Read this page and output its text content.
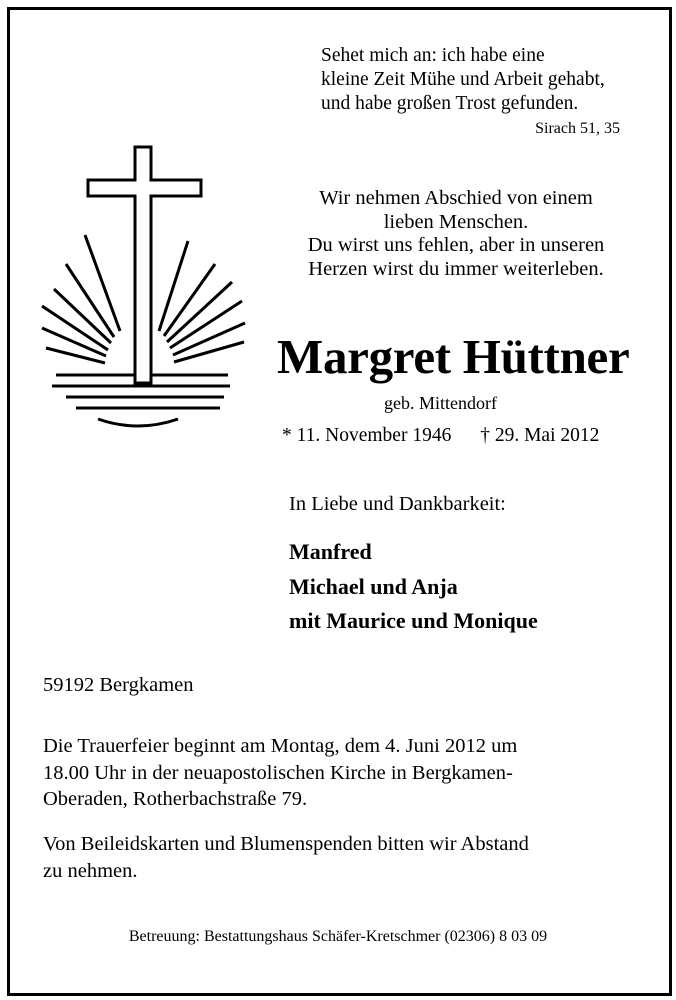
Sehet mich an: ich habe eine
kleine Zeit Mühe und Arbeit gehabt,
und habe großen Trost gefunden.
Sirach 51, 35
Wir nehmen Abschied von einem
lieben Menschen.
Du wirst uns fehlen, aber in unseren
Herzen wirst du immer weiterleben.
Margret Hüttner
geb. Mittendorf
* 11. November 1946 † 29. Mai 2012
In Liebe und Dankbarkeit:
Manfred
Michael und Anja
mit Maurice und Monique
59192 Bergkamen
Die Trauerfeier beginnt am Montag, dem 4. Juni 2012 um
18.00 Uhr in der neuapostolischen Kirche in Bergkamen-
Oberaden, Rotherbachstraße 79.
Von Beileidskarten und Blumenspenden bitten wir Abstand
zu nehmen.
Betreuung: Bestattungshaus Schäfer-Kretschmer (02306) 8 03 09
